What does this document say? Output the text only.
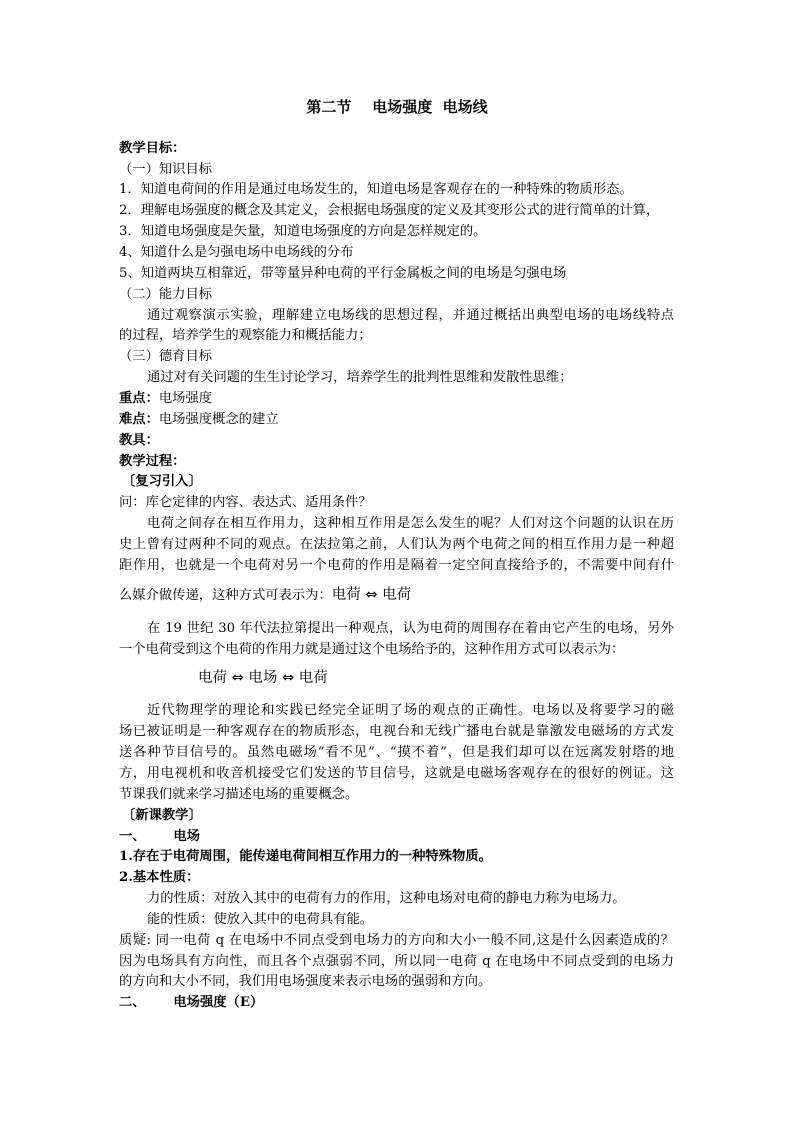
第二节    电场强度  电场线
教学目标：
（一）知识目标
1．知道电荷间的作用是通过电场发生的，知道电场是客观存在的一种特殊的物质形态。
2．理解电场强度的概念及其定义，会根据电场强度的定义及其变形公式的进行简单的计算，
3．知道电场强度是矢量，知道电场强度的方向是怎样规定的。
4、知道什么是匀强电场中电场线的分布
5、知道两块互相靠近，带等量异种电荷的平行金属板之间的电场是匀强电场
（二）能力目标
通过观察演示实验，理解建立电场线的思想过程，并通过概括出典型电场的电场线特点
的过程，培养学生的观察能力和概括能力；
（三）德育目标
通过对有关问题的生生讨论学习，培养学生的批判性思维和发散性思维；
重点：电场强度
难点：电场强度概念的建立
教具：
教学过程：
〔复习引入〕
问：库仑定律的内容、表达式、适用条件？
电荷之间存在相互作用力，这种相互作用是怎么发生的呢？人们对这个问题的认识在历
史上曾有过两种不同的观点。在法拉第之前，人们认为两个电荷之间的相互作用力是一种超
距作用，也就是一个电荷对另一个电荷的作用是隔着一定空间直接给予的，不需要中间有什
么媒介做传递，这种方式可表示为：电荷 ⇔ 电荷
在 19 世纪 30 年代法拉第提出一种观点，认为电荷的周围存在着由它产生的电场，另外
一个电荷受到这个电荷的作用力就是通过这个电场给予的，这种作用方式可以表示为：
电荷 ⇔ 电场 ⇔ 电荷
近代物理学的理论和实践已经完全证明了场的观点的正确性。电场以及将要学习的磁
场已被证明是一种客观存在的物质形态，电视台和无线广播电台就是靠激发电磁场的方式发
送各种节目信号的。虽然电磁场“看不见”、“摸不着”，但是我们却可以在远离发射塔的地
方，用电视机和收音机接受它们发送的节目信号，这就是电磁场客观存在的很好的例证。这
节课我们就来学习描述电场的重要概念。
〔新课教学〕
一、      电场
1.存在于电荷周围，能传递电荷间相互作用力的一种特殊物质。
2.基本性质：
力的性质：对放入其中的电荷有力的作用，这种电场对电荷的静电力称为电场力。
能的性质：使放入其中的电荷具有能。
质疑: 同一电荷 q 在电场中不同点受到电场力的方向和大小一般不同,这是什么因素造成的？
因为电场具有方向性，而且各个点强弱不同，所以同一电荷 q 在电场中不同点受到的电场力
的方向和大小不同，我们用电场强度来表示电场的强弱和方向。
二、      电场强度（E）
